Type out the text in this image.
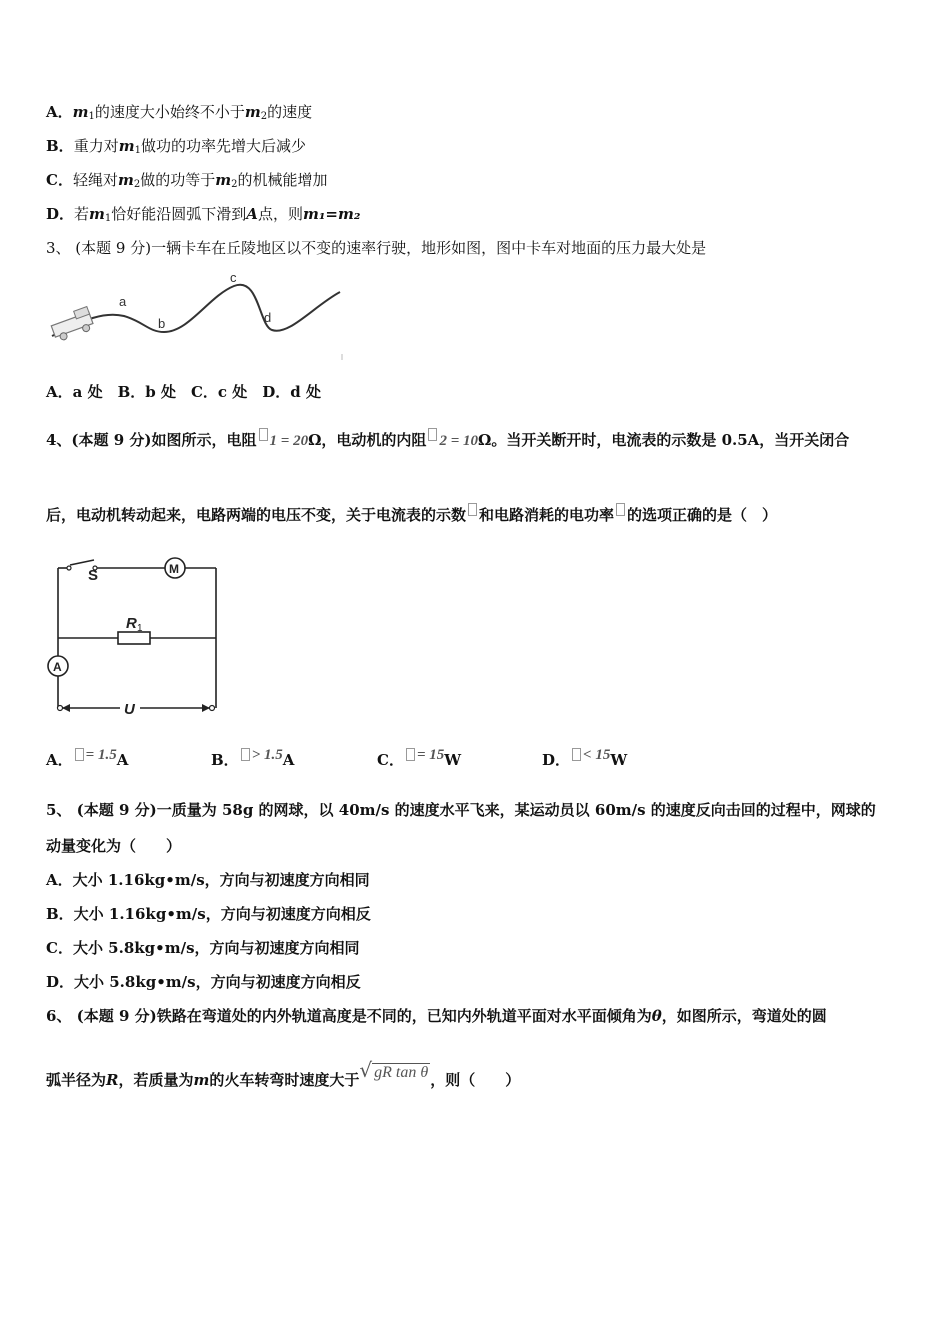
A．$m_1$的速度大小始终不小于$m_2$的速度
B．重力对$m_1$做功的功率先增大后减少
C．轻绳对$m_2$做的功等于$m_2$的机械能增加
D．若$m_1$恰好能沿圆弧下滑到A点，则m₁=m₂
3、 (本题 9 分)一辆卡车在丘陵地区以不变的速率行驶，地形如图，图中卡车对地面的压力最大处是
a
b
c
d
A．a 处　B．b 处　C．c 处　D．d 处
4、(本题 9 分)如图所示，电阻 1 = 20Ω，电动机的内阻 2 = 10Ω。当开关断开时，电流表的示数是 0.5A，当开关闭合
后，电动机转动起来，电路两端的电压不变，关于电流表的示数 和电路消耗的电功率 的选项正确的是（　）
S	M
R 1
A
U
A． = 1.5A	B． > 1.5A	C． = 15W	D． < 15W
5、 (本题 9 分)一质量为 58g 的网球，以 40m/s 的速度水平飞来，某运动员以 60m/s 的速度反向击回的过程中，网球的
动量变化为（　　）
A．大小 1.16kg•m/s，方向与初速度方向相同
B．大小 1.16kg•m/s，方向与初速度方向相反
C．大小 5.8kg•m/s，方向与初速度方向相同
D．大小 5.8kg•m/s，方向与初速度方向相反
6、 (本题 9 分)铁路在弯道处的内外轨道高度是不同的，已知内外轨道平面对水平面倾角为θ，如图所示，弯道处的圆
弧半径为R，若质量为m的火车转弯时速度大于√ gR tan θ ，则（　　）
